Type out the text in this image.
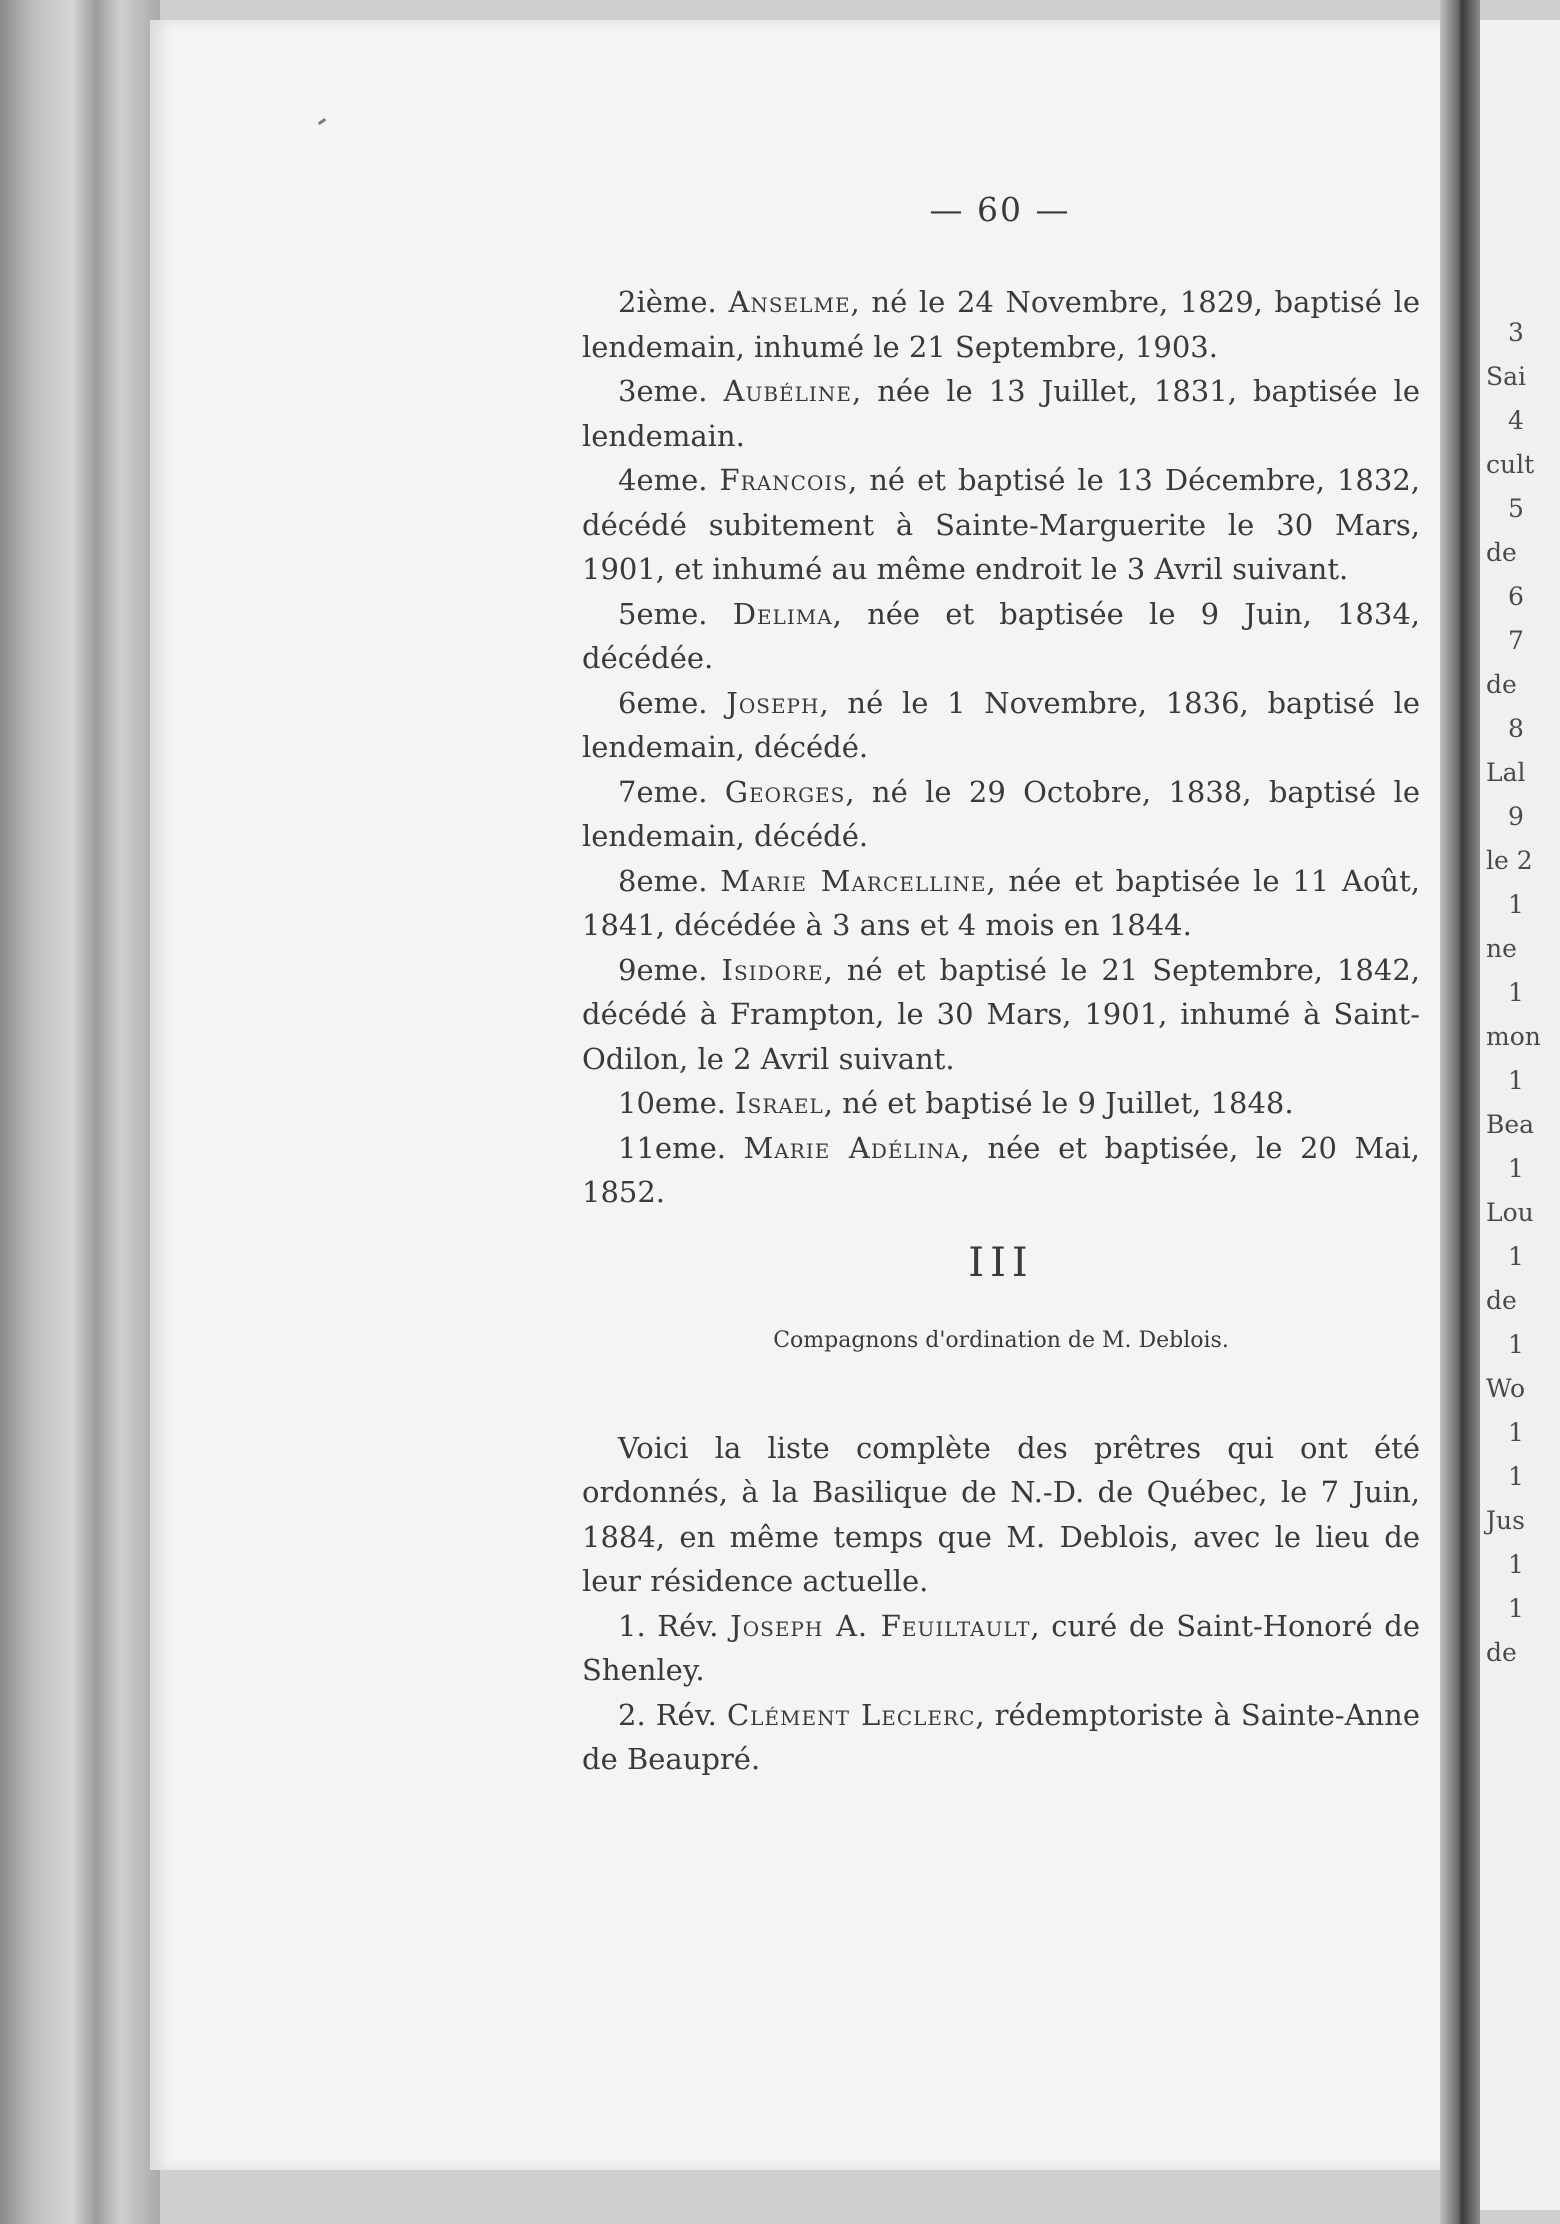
3
Sai
4
cult
5
de
6
7
de
8
Lal
9
le 2
1
ne
1
mon
1
Bea
1
Lou
1
de
1
Wo
1
1
Jus
1
1
de
— 60 —

2ième. Anselme, né le 24 Novembre, 1829, baptisé le lendemain, inhumé le 21 Septembre, 1903.

3eme. Aubéline, née le 13 Juillet, 1831, baptisée le lendemain.

4eme. Francois, né et baptisé le 13 Décembre, 1832, décédé subitement à Sainte-Marguerite le 30 Mars, 1901, et inhumé au même endroit le 3 Avril suivant.

5eme. Delima, née et baptisée le 9 Juin, 1834, décédée.

6eme. Joseph, né le 1 Novembre, 1836, baptisé le lendemain, décédé.

7eme. Georges, né le 29 Octobre, 1838, baptisé le lendemain, décédé.

8eme. Marie Marcelline, née et baptisée le 11 Août, 1841, décédée à 3 ans et 4 mois en 1844.

9eme. Isidore, né et baptisé le 21 Septembre, 1842, décédé à Frampton, le 30 Mars, 1901, inhumé à Saint-Odilon, le 2 Avril suivant.

10eme. Israel, né et baptisé le 9 Juillet, 1848.

11eme. Marie Adélina, née et baptisée, le 20 Mai, 1852.

III
Compagnons d'ordination de M. Deblois.

Voici la liste complète des prêtres qui ont été ordonnés, à la Basilique de N.-D. de Québec, le 7 Juin, 1884, en même temps que M. Deblois, avec le lieu de leur résidence actuelle.

1. Rév. Joseph A. Feuiltault, curé de Saint-Honoré de Shenley.

2. Rév. Clément Leclerc, rédemptoriste à Sainte-Anne de Beaupré.
